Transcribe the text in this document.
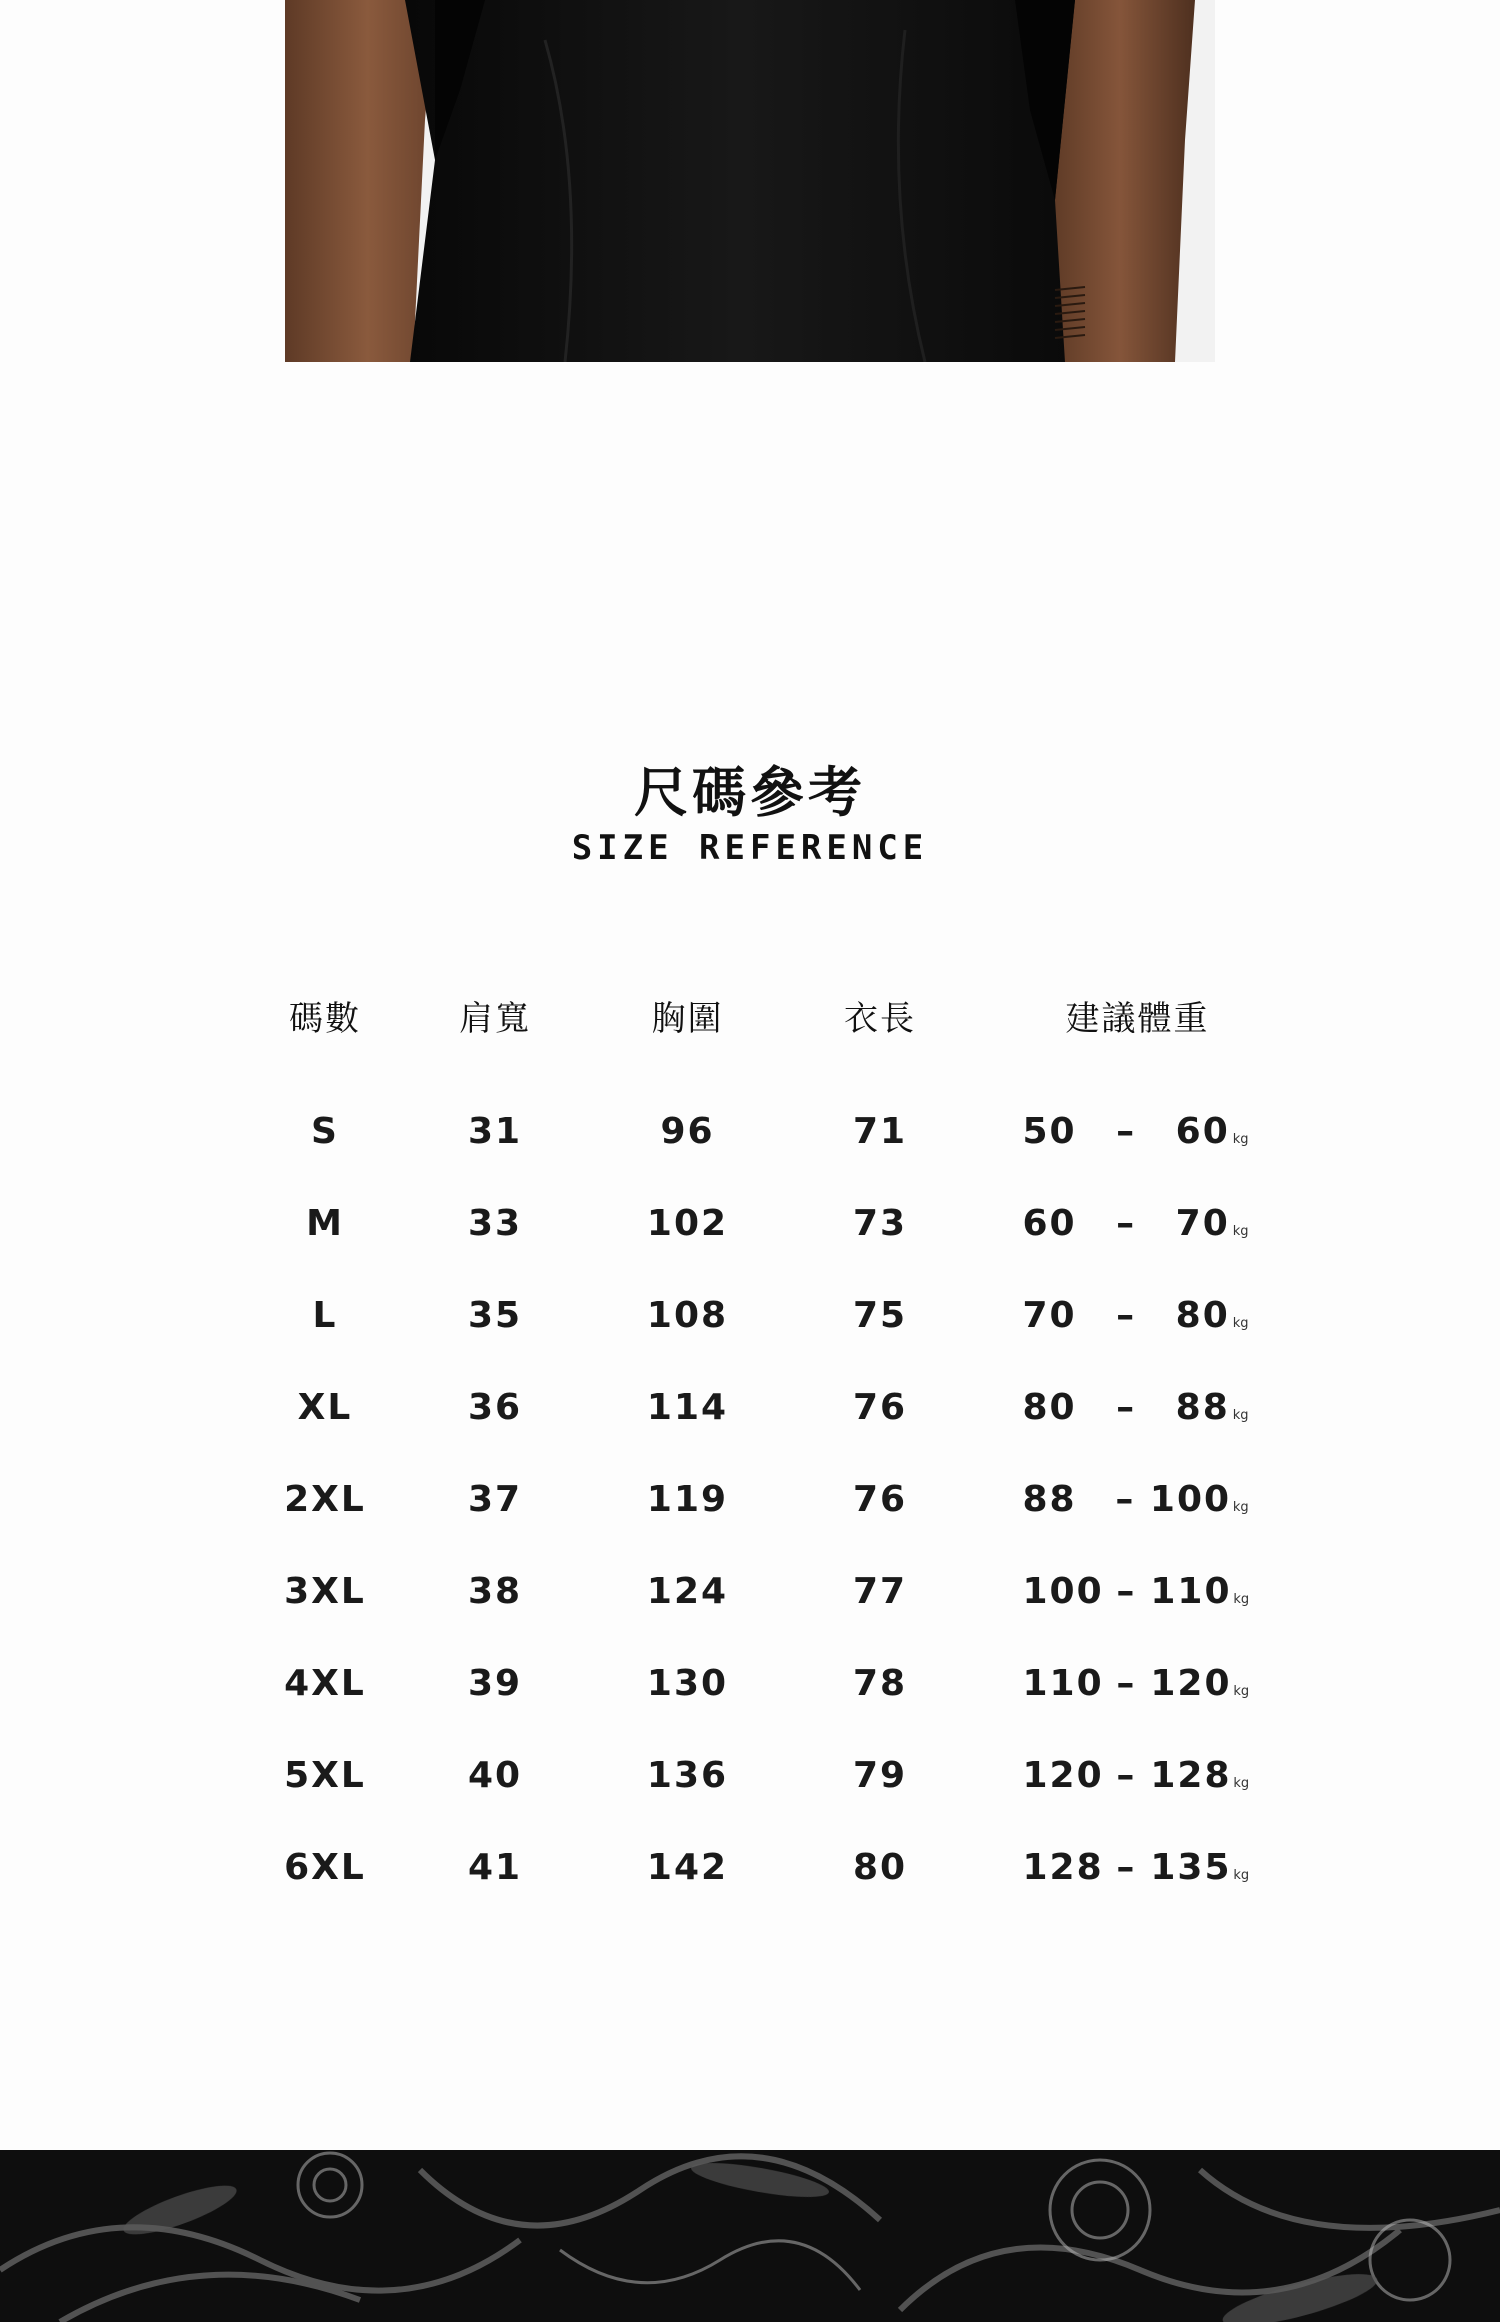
尺碼參考
SIZE REFERENCE
碼數	肩寬	胸圍	衣長	建議體重

S	31	96	71	50 – 60 kg

M	33	102	73	60 – 70 kg

L	35	108	75	70 – 80 kg

XL	36	114	76	80 – 88 kg

2XL	37	119	76	88 – 100 kg

3XL	38	124	77	100 – 110 kg

4XL	39	130	78	110 – 120 kg

5XL	40	136	79	120 – 128 kg

6XL	41	142	80	128 – 135 kg
